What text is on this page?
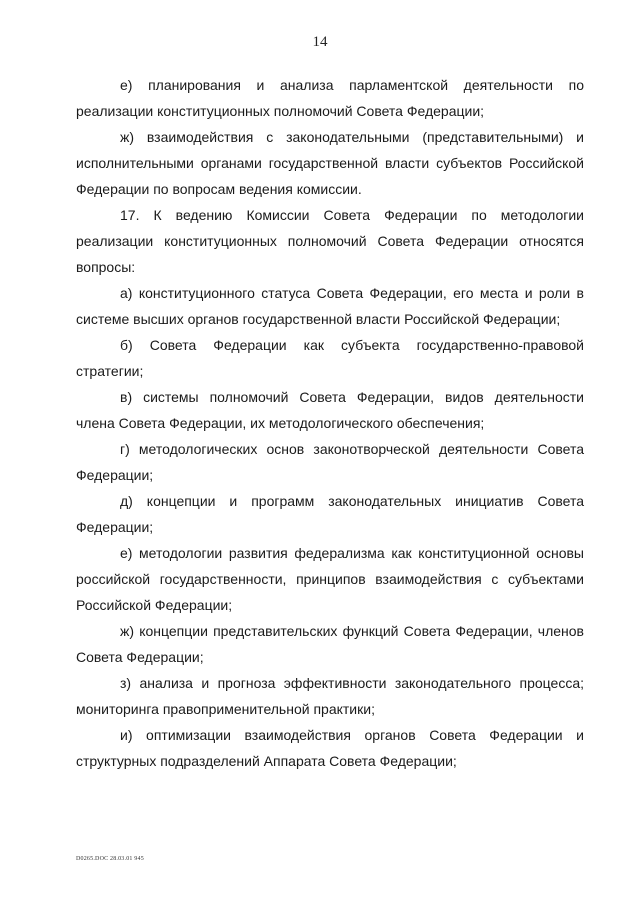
14

е) планирования и анализа парламентской деятельности по реализации конституционных полномочий Совета Федерации;

ж) взаимодействия с законодательными (представительными) и исполнительными органами государственной власти субъектов Российской Федерации по вопросам ведения комиссии.

17. К ведению Комиссии Совета Федерации по методологии реализации конституционных полномочий Совета Федерации относятся вопросы:

а) конституционного статуса Совета Федерации, его места и роли в системе высших органов государственной власти Российской Федерации;

б) Совета Федерации как субъекта государственно-правовой стратегии;

в) системы полномочий Совета Федерации, видов деятельности члена Совета Федерации, их методологического обеспечения;

г) методологических основ законотворческой деятельности Совета Федерации;

д) концепции и программ законодательных инициатив Совета Федерации;

е) методологии развития федерализма как конституционной основы российской государственности, принципов взаимодействия с субъектами Российской Федерации;

ж) концепции представительских функций Совета Федерации, членов Совета Федерации;

з) анализа и прогноза эффективности законодательного процесса; мониторинга правоприменительной практики;

и) оптимизации взаимодействия органов Совета Федерации и структурных подразделений Аппарата Совета Федерации;

D0265.DOC 28.03.01 945
